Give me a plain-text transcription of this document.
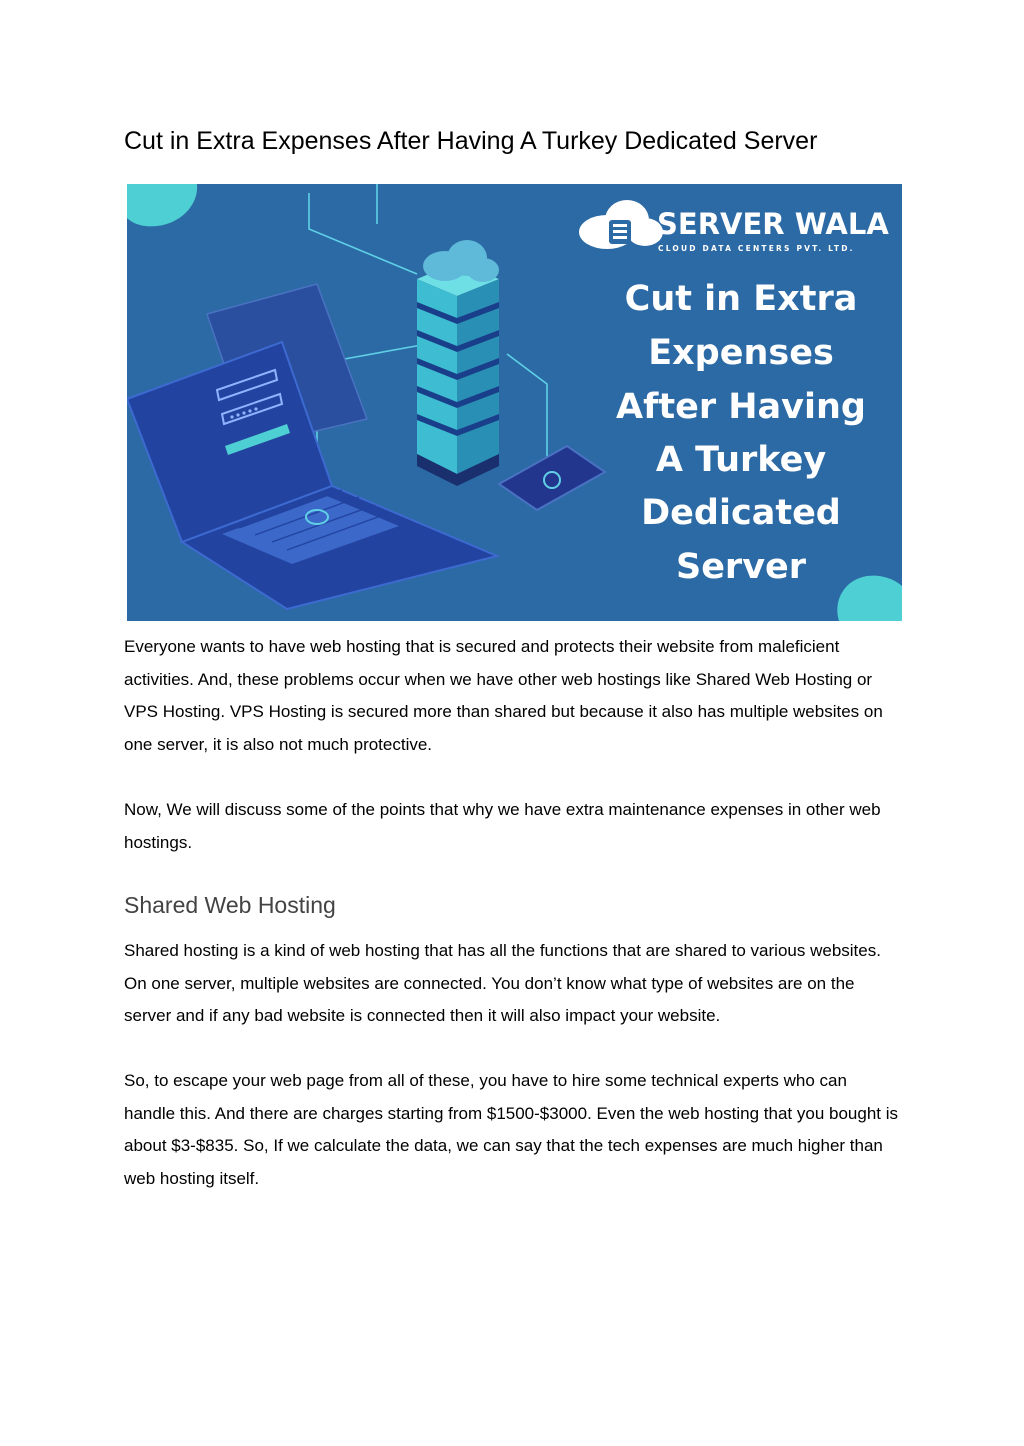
Cut in Extra Expenses After Having A Turkey Dedicated Server
SERVER WALA
CLOUD DATA CENTERS PVT. LTD.
Cut in Extra
Expenses
After Having
A Turkey
Dedicated
Server

Everyone wants to have web hosting that is secured and protects their website from maleficient activities. And, these problems occur when we have other web hostings like Shared Web Hosting or VPS Hosting. VPS Hosting is secured more than shared but because it also has multiple websites on one server, it is also not much protective.

Now, We will discuss some of the points that why we have extra maintenance expenses in other web hostings.

Shared Web Hosting

Shared hosting is a kind of web hosting that has all the functions that are shared to various websites. On one server, multiple websites are connected. You don’t know what type of websites are on the server and if any bad website is connected then it will also impact your website.

So, to escape your web page from all of these, you have to hire some technical experts who can handle this. And there are charges starting from $1500-$3000. Even the web hosting that you bought is about $3-$835. So, If we calculate the data, we can say that the tech expenses are much higher than web hosting itself.
